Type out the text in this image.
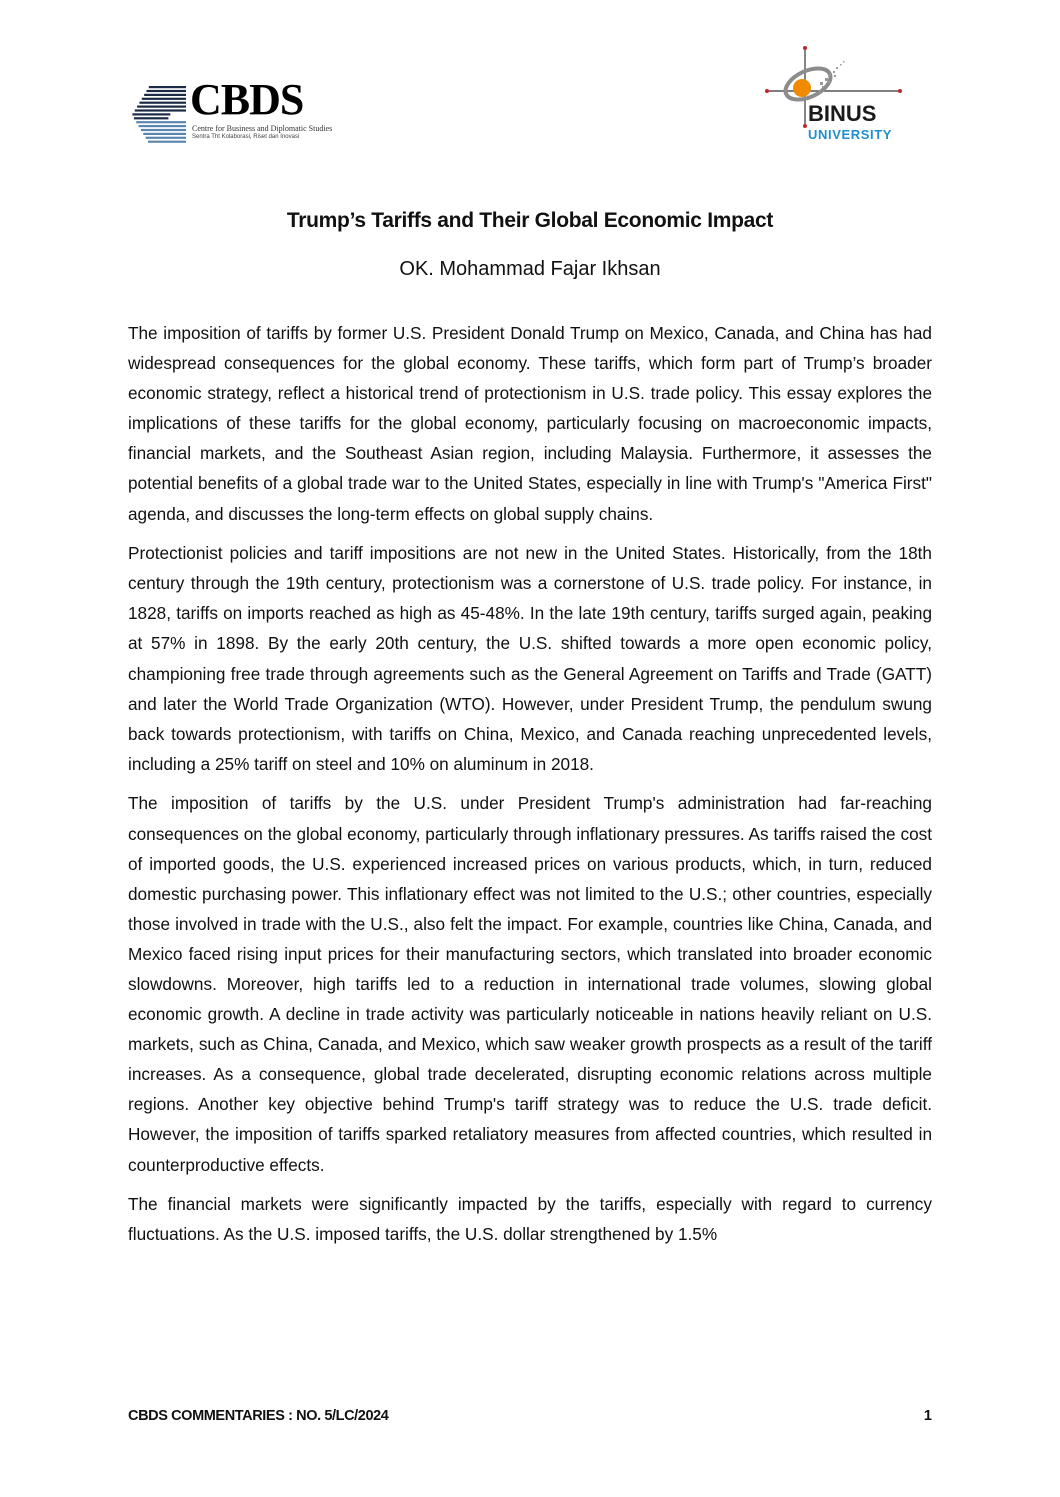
CBDS
Centre for Business and Diplomatic Studies
Sentra Tht Kolaborasi, Riset dan Inovasi
BINUS
UNIVERSITY
Trump’s Tariffs and Their Global Economic Impact
OK. Mohammad Fajar Ikhsan

The imposition of tariffs by former U.S. President Donald Trump on Mexico, Canada, and China has had widespread consequences for the global economy. These tariffs, which form part of Trump’s broader economic strategy, reflect a historical trend of protectionism in U.S. trade policy. This essay explores the implications of these tariffs for the global economy, particularly focusing on macroeconomic impacts, financial markets, and the Southeast Asian region, including Malaysia. Furthermore, it assesses the potential benefits of a global trade war to the United States, especially in line with Trump's "America First" agenda, and discusses the long-term effects on global supply chains.

Protectionist policies and tariff impositions are not new in the United States. Historically, from the 18th century through the 19th century, protectionism was a cornerstone of U.S. trade policy. For instance, in 1828, tariffs on imports reached as high as 45-48%. In the late 19th century, tariffs surged again, peaking at 57% in 1898. By the early 20th century, the U.S. shifted towards a more open economic policy, championing free trade through agreements such as the General Agreement on Tariffs and Trade (GATT) and later the World Trade Organization (WTO). However, under President Trump, the pendulum swung back towards protectionism, with tariffs on China, Mexico, and Canada reaching unprecedented levels, including a 25% tariff on steel and 10% on aluminum in 2018.

The imposition of tariffs by the U.S. under President Trump's administration had far-reaching consequences on the global economy, particularly through inflationary pressures. As tariffs raised the cost of imported goods, the U.S. experienced increased prices on various products, which, in turn, reduced domestic purchasing power. This inflationary effect was not limited to the U.S.; other countries, especially those involved in trade with the U.S., also felt the impact. For example, countries like China, Canada, and Mexico faced rising input prices for their manufacturing sectors, which translated into broader economic slowdowns. Moreover, high tariffs led to a reduction in international trade volumes, slowing global economic growth. A decline in trade activity was particularly noticeable in nations heavily reliant on U.S. markets, such as China, Canada, and Mexico, which saw weaker growth prospects as a result of the tariff increases. As a consequence, global trade decelerated, disrupting economic relations across multiple regions. Another key objective behind Trump's tariff strategy was to reduce the U.S. trade deficit. However, the imposition of tariffs sparked retaliatory measures from affected countries, which resulted in counterproductive effects.

The financial markets were significantly impacted by the tariffs, especially with regard to currency fluctuations. As the U.S. imposed tariffs, the U.S. dollar strengthened by 1.5%

CBDS COMMENTARIES : NO. 5/LC/2024	1
